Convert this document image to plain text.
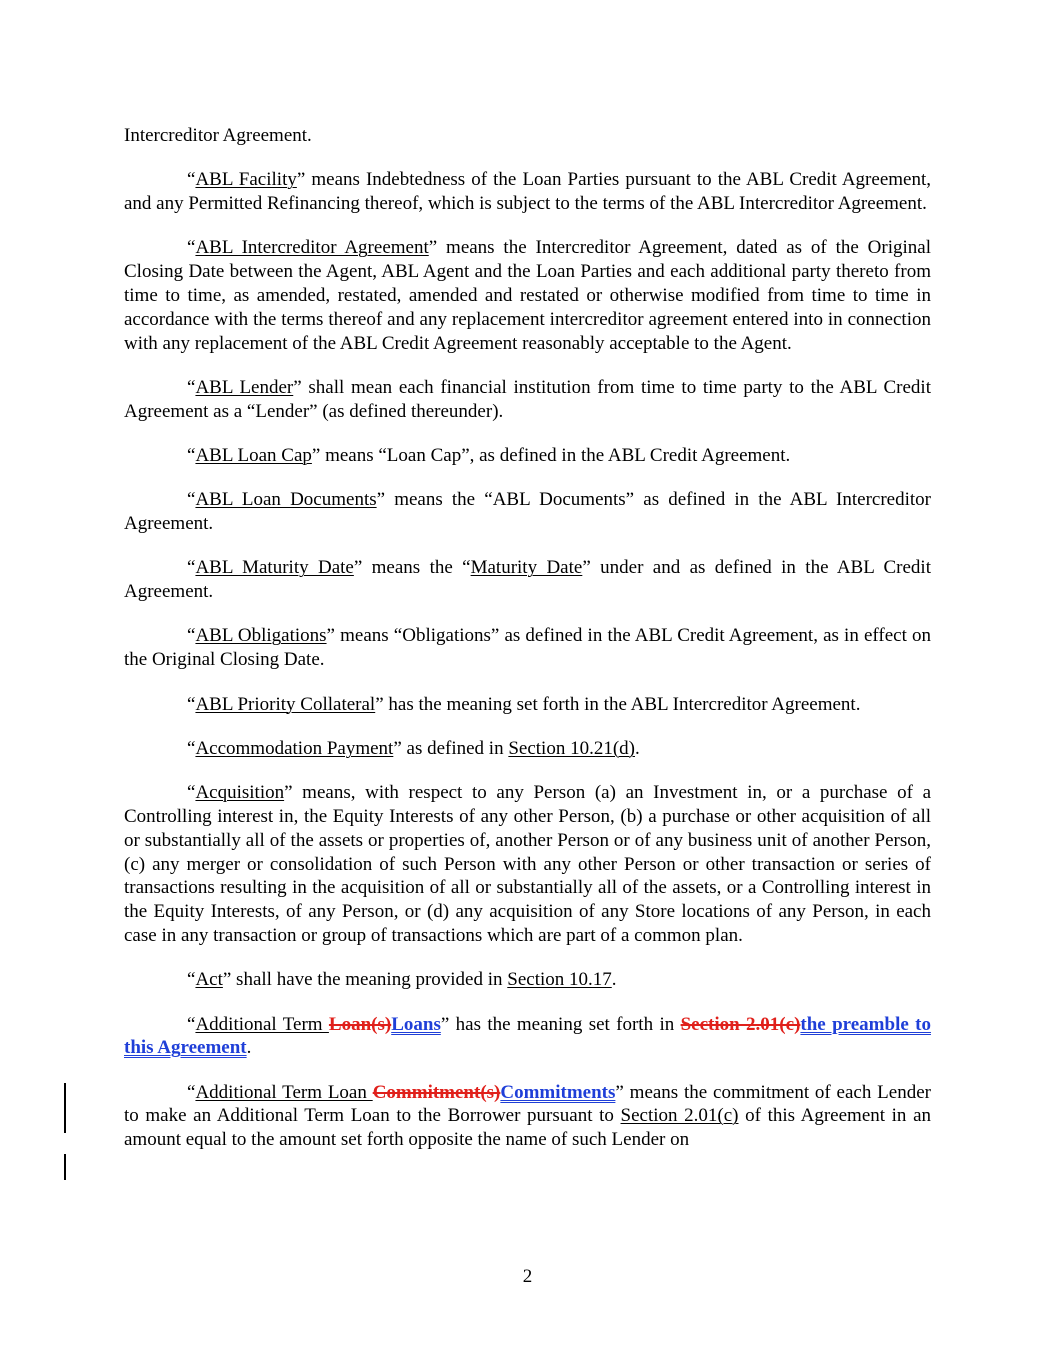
Intercreditor Agreement.

“ABL Facility” means Indebtedness of the Loan Parties pursuant to the ABL Credit Agreement, and any Permitted Refinancing thereof, which is subject to the terms of the ABL Intercreditor Agreement.

“ABL Intercreditor Agreement” means the Intercreditor Agreement, dated as of the Original Closing Date between the Agent, ABL Agent and the Loan Parties and each additional party thereto from time to time, as amended, restated, amended and restated or otherwise modified from time to time in accordance with the terms thereof and any replacement intercreditor agreement entered into in connection with any replacement of the ABL Credit Agreement reasonably acceptable to the Agent.

“ABL Lender” shall mean each financial institution from time to time party to the ABL Credit Agreement as a “Lender” (as defined thereunder).

“ABL Loan Cap” means “Loan Cap”, as defined in the ABL Credit Agreement.

“ABL Loan Documents” means the “ABL Documents” as defined in the ABL Intercreditor Agreement.

“ABL Maturity Date” means the “Maturity Date” under and as defined in the ABL Credit Agreement.

“ABL Obligations” means “Obligations” as defined in the ABL Credit Agreement, as in effect on the Original Closing Date.

“ABL Priority Collateral” has the meaning set forth in the ABL Intercreditor Agreement.

“Accommodation Payment” as defined in Section 10.21(d).

“Acquisition” means, with respect to any Person (a) an Investment in, or a purchase of a Controlling interest in, the Equity Interests of any other Person, (b) a purchase or other acquisition of all or substantially all of the assets or properties of, another Person or of any business unit of another Person, (c) any merger or consolidation of such Person with any other Person or other transaction or series of transactions resulting in the acquisition of all or substantially all of the assets, or a Controlling interest in the Equity Interests, of any Person, or (d) any acquisition of any Store locations of any Person, in each case in any transaction or group of transactions which are part of a common plan.

“Act” shall have the meaning provided in Section 10.17.

“Additional Term Loan(s)Loans” has the meaning set forth in Section 2.01(c)the preamble to this Agreement.

“Additional Term Loan Commitment(s)Commitments” means the commitment of each Lender to make an Additional Term Loan to the Borrower pursuant to Section 2.01(c) of this Agreement in an amount equal to the amount set forth opposite the name of such Lender on

2
